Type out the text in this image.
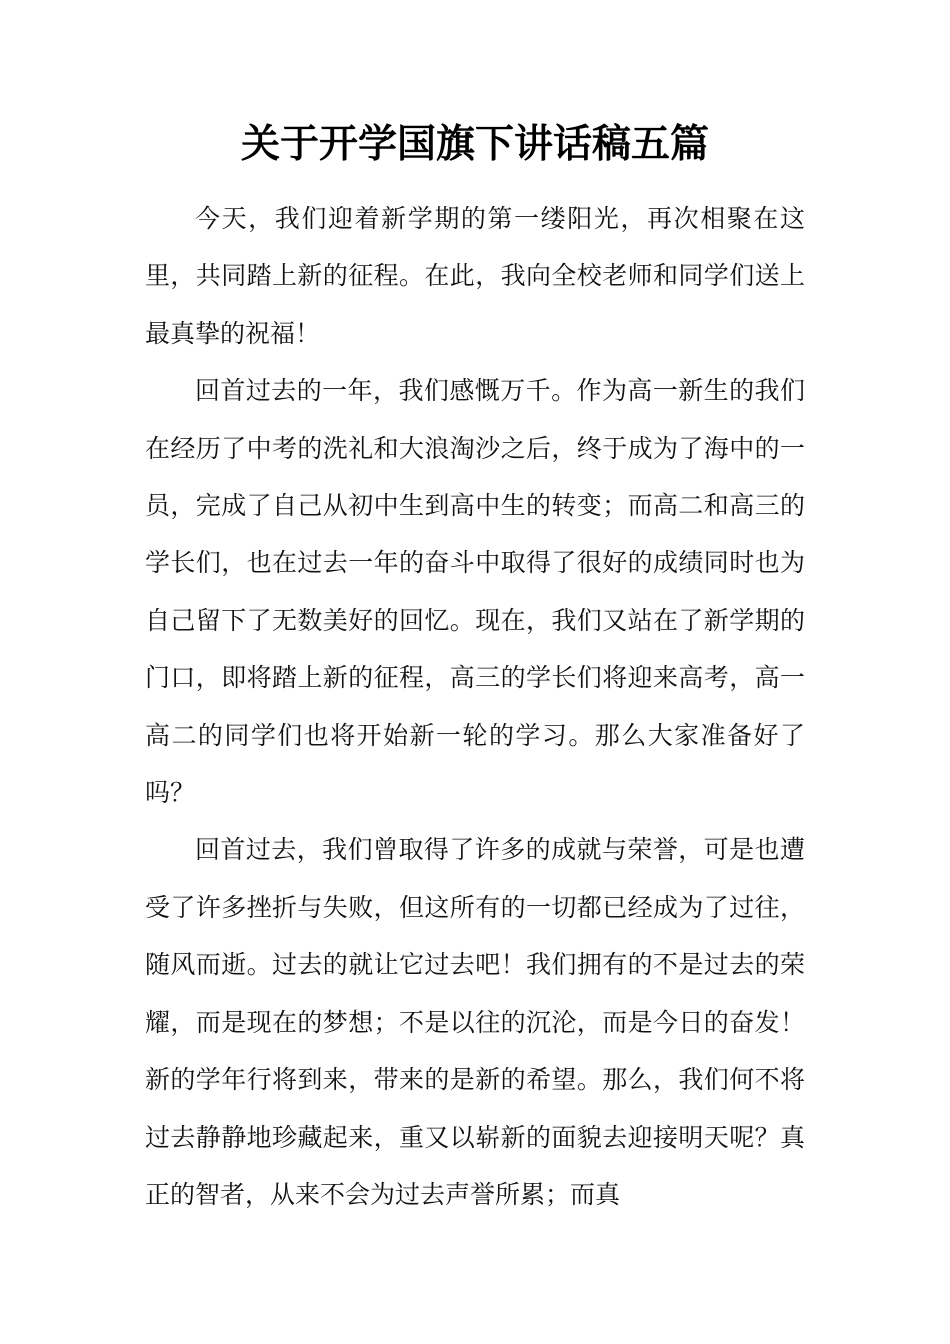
关于开学国旗下讲话稿五篇

今天，我们迎着新学期的第一缕阳光，再次相聚在这里，共同踏上新的征程。在此，我向全校老师和同学们送上最真挚的祝福！

回首过去的一年，我们感慨万千。作为高一新生的我们在经历了中考的洗礼和大浪淘沙之后，终于成为了海中的一员，完成了自己从初中生到高中生的转变；而高二和高三的学长们，也在过去一年的奋斗中取得了很好的成绩同时也为自己留下了无数美好的回忆。现在，我们又站在了新学期的门口，即将踏上新的征程，高三的学长们将迎来高考，高一高二的同学们也将开始新一轮的学习。那么大家准备好了吗？

回首过去，我们曾取得了许多的成就与荣誉，可是也遭受了许多挫折与失败，但这所有的一切都已经成为了过往，随风而逝。过去的就让它过去吧！我们拥有的不是过去的荣耀，而是现在的梦想；不是以往的沉沦，而是今日的奋发！新的学年行将到来，带来的是新的希望。那么，我们何不将过去静静地珍藏起来，重又以崭新的面貌去迎接明天呢？真正的智者，从来不会为过去声誉所累；而真
